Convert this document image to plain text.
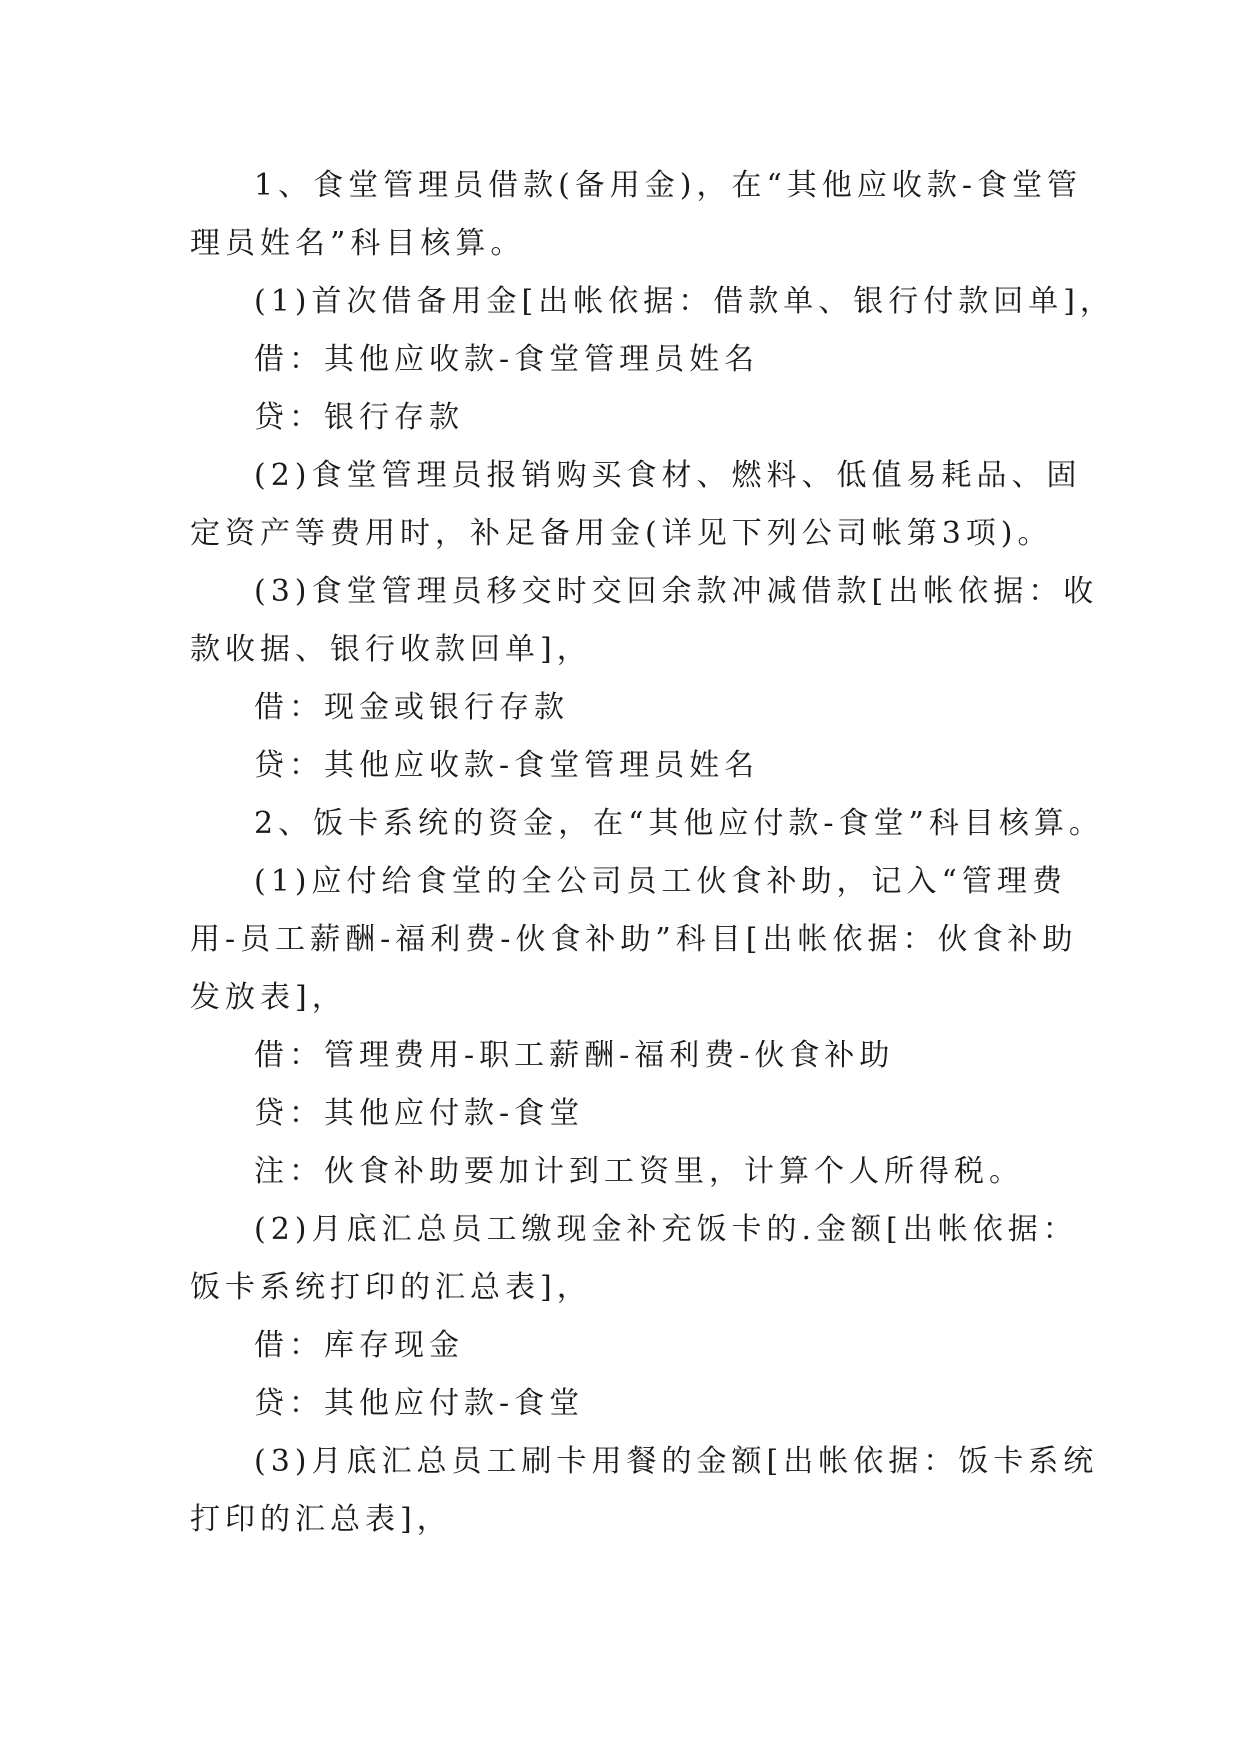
1、食堂管理员借款(备用金)，在“其他应收款-食堂管
理员姓名”科目核算。
(1)首次借备用金[出帐依据：借款单、银行付款回单]，
借：其他应收款-食堂管理员姓名
贷：银行存款
(2)食堂管理员报销购买食材、燃料、低值易耗品、固
定资产等费用时，补足备用金(详见下列公司帐第3项)。
(3)食堂管理员移交时交回余款冲减借款[出帐依据：收
款收据、银行收款回单]，
借：现金或银行存款
贷：其他应收款-食堂管理员姓名
2、饭卡系统的资金，在“其他应付款-食堂”科目核算。
(1)应付给食堂的全公司员工伙食补助，记入“管理费
用-员工薪酬-福利费-伙食补助”科目[出帐依据：伙食补助
发放表]，
借：管理费用-职工薪酬-福利费-伙食补助
贷：其他应付款-食堂
注：伙食补助要加计到工资里，计算个人所得税。
(2)月底汇总员工缴现金补充饭卡的.金额[出帐依据：
饭卡系统打印的汇总表]，
借：库存现金
贷：其他应付款-食堂
(3)月底汇总员工刷卡用餐的金额[出帐依据：饭卡系统
打印的汇总表]，
